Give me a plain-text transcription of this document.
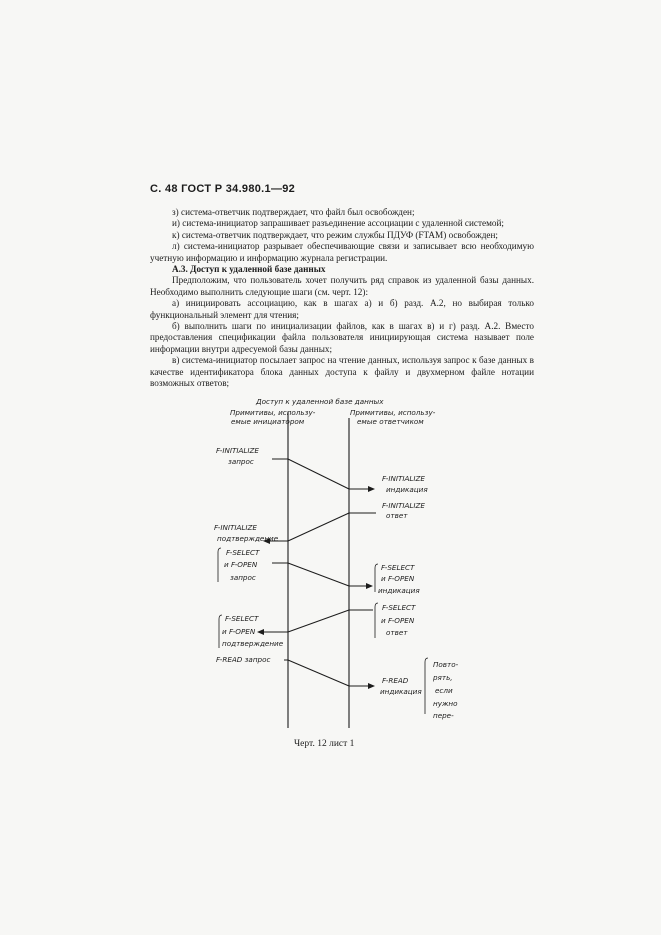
С. 48 ГОСТ Р 34.980.1—92

з) система-ответчик подтверждает, что файл был освобожден;

и) система-инициатор запрашивает разъединение ассоциации с удаленной системой;

к) система-ответчик подтверждает, что режим службы ПДУФ (FTAM) освобожден;

л) система-инициатор разрывает обеспечивающие связи и записывает всю необходимую учетную информацию и информацию журнала регистрации.

А.3. Доступ к удаленной базе данных

Предположим, что пользователь хочет получить ряд справок из удаленной базы данных. Необходимо выполнить следующие шаги (см. черт. 12):

а) инициировать ассоциацию, как в шагах а) и б) разд. А.2, но выбирая только функциональный элемент для чтения;

б) выполнить шаги по инициализации файлов, как в шагах в) и г) разд. А.2. Вместо предоставления спецификации файла пользователя инициирующая система называет поле информации внутри адресуемой базы данных;

в) система-инициатор посылает запрос на чтение данных, используя запрос к базе данных в качестве идентификатора блока данных доступа к файлу и двухмерном файле нотации возможных ответов;

Доступ к удаленной базе данных
Примитивы, использу-
емые инициатором
Примитивы, использу-
емые ответчиком
F-INITIALIZE
запрос
F-INITIALIZE
индикация
F-INITIALIZE
ответ
F-INITIALIZE
подтверждение
F-SELECT
и F-OPEN
запрос
F-SELECT
и F-OPEN
индикация
F-SELECT
и F-OPEN
ответ
F-SELECT
и F-OPEN
подтверждение
F-READ запрос
F-READ
индикация
Повто-
рять,
если
нужно
пере-
Черт. 12 лист 1
